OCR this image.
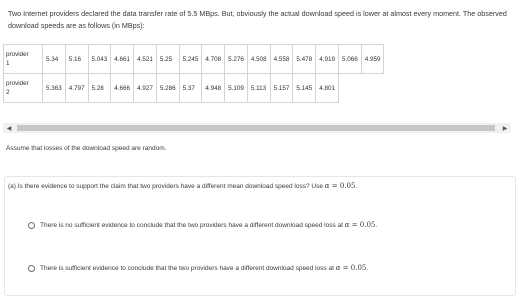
Two Internet providers declared the data transfer rate of 5.5 MBps. But, obviously the actual download speed is lower at almost every moment. The observed download speeds are as follows (in MBps):
provider
1	5.34	5.16	5.043	4.661	4.521	5.25	5.245	4.708	5.276	4.508	4.558	5.478	4.919	5.066	4.959

provider
2	5.363	4.797	5.28	4.666	4.927	5.286	5.37	4.948	5.109	5.113	5.157	5.145	4.801		
◀	▶
Assume that losses of the download speed are random.
(a) Is there evidence to support the claim that two providers have a different mean download speed loss? Use α = 0.05.
There is no sufficient evidence to conclude that the two providers have a different download speed loss at
α = 0.05 .
There is sufficient evidence to conclude that the two providers have a different download speed loss at
α = 0.05 .
